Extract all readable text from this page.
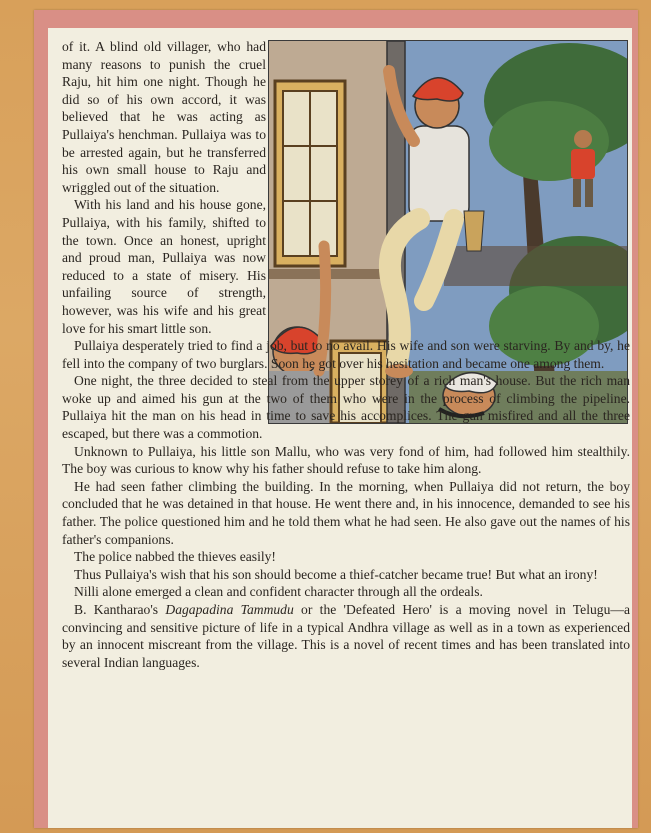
of it. A blind old villager, who had many reasons to punish the cruel Raju, hit him one night. Though he did so of his own accord, it was believed that he was acting as Pullaiya's henchman. Pullaiya was to be arrested again, but he transferred his own small house to Raju and wriggled out of the situation.

With his land and his house gone, Pullaiya, with his family, shifted to the town. Once an honest, upright and proud man, Pullaiya was now reduced to a state of misery. His unfailing source of strength, however, was his wife and his great love for his smart little son.

Pullaiya desperately tried to find a job, but to no avail. His wife and son were starving. By and by, he fell into the company of two burglars. Soon he got over his hesitation and became one among them.

One night, the three decided to steal from the upper storey of a rich man's house. But the rich man woke up and aimed his gun at the two of them who were in the process of climbing the pipeline. Pullaiya hit the man on his head in time to save his accomplices. The gun misfired and all the three escaped, but there was a commotion.

Unknown to Pullaiya, his little son Mallu, who was very fond of him, had followed him stealthily. The boy was curious to know why his father should refuse to take him along.

He had seen father climbing the building. In the morning, when Pullaiya did not return, the boy concluded that he was detained in that house. He went there and, in his innocence, demanded to see his father. The police questioned him and he told them what he had seen. He also gave out the names of his father's companions.

The police nabbed the thieves easily!

Thus Pullaiya's wish that his son should become a thief-catcher became true! But what an irony!

Nilli alone emerged a clean and confident character through all the ordeals.

B. Kantharao's Dagapadina Tammudu or the 'Defeated Hero' is a moving novel in Telugu—a convincing and sensitive picture of life in a typical Andhra village as well as in a town as experienced by an innocent miscreant from the village. This is a novel of recent times and has been translated into several Indian languages.
